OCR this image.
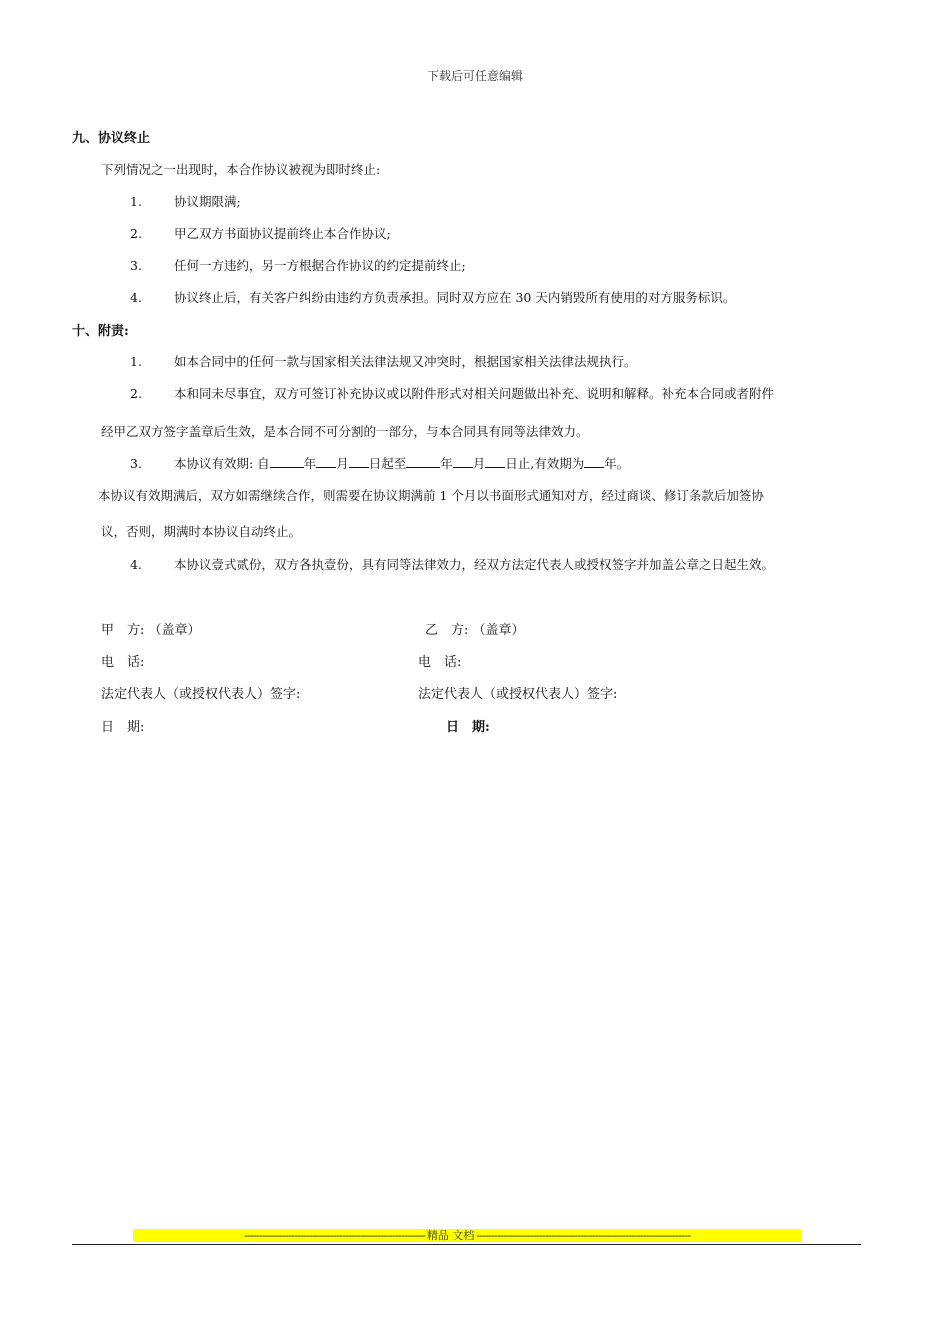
下载后可任意编辑
九、协议终止
下列情况之一出现时，本合作协议被视为即时终止:
1.	协议期限满;
2.	甲乙双方书面协议提前终止本合作协议;
3.	任何一方违约，另一方根据合作协议的约定提前终止;
4.	协议终止后，有关客户纠纷由违约方负责承担。同时双方应在 30 天内销毁所有使用的对方服务标识。
十、附责:
1.	如本合同中的任何一款与国家相关法律法规又冲突时，根据国家相关法律法规执行。
2.	本和同未尽事宜，双方可签订补充协议或以附件形式对相关问题做出补充、说明和解释。补充本合同或者附件
经甲乙双方签字盖章后生效，是本合同不可分割的一部分，与本合同具有同等法律效力。
3.	本协议有效期: 自	年 月 日起至	年 月 日止,有效期为 年。
本协议有效期满后，双方如需继续合作，则需要在协议期满前 1 个月以书面形式通知对方，经过商谈、修订条款后加签协
议，否则，期满时本协议自动终止。
4.	本协议壹式贰份，双方各执壹份，具有同等法律效力，经双方法定代表人或授权签字并加盖公章之日起生效。
甲　方: （盖章）	乙　方: （盖章）
电　话:	电　话:
法定代表人（或授权代表人）签字:	法定代表人（或授权代表人）签字:
日　期:	日　期:
------------------------------------------------------------- 精品 文档 ------------------------------------------------------------------------
